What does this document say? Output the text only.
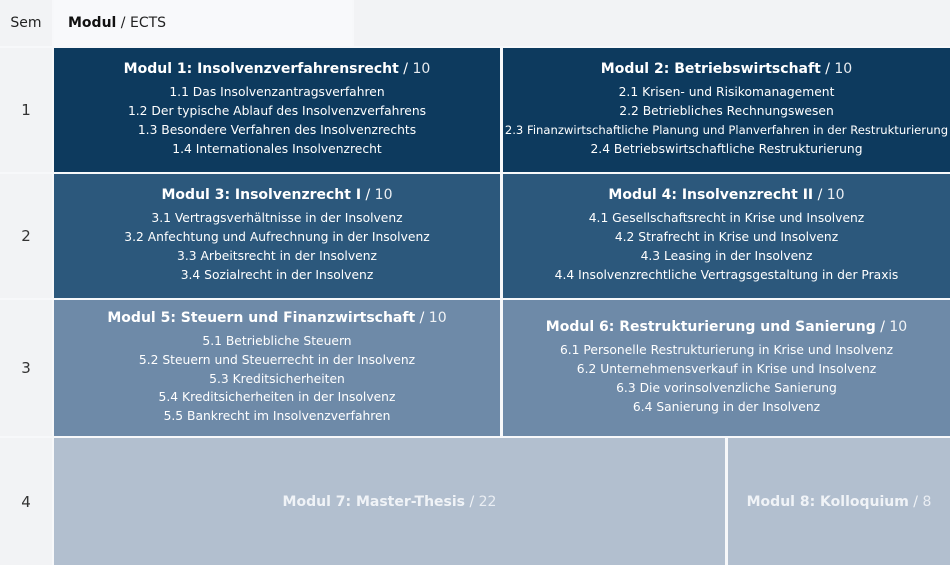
Sem Modul / ECTS
1
2
3
4
Modul 1: Insolvenzverfahrensrecht / 10
1.1 Das Insolvenzantragsverfahren
1.2 Der typische Ablauf des Insolvenzverfahrens
1.3 Besondere Verfahren des Insolvenzrechts
1.4 Internationales Insolvenzrecht
Modul 2: Betriebswirtschaft / 10
2.1 Krisen- und Risikomanagement
2.2 Betriebliches Rechnungswesen
2.3 Finanzwirtschaftliche Planung und Planverfahren in der Restrukturierung
2.4 Betriebswirtschaftliche Restrukturierung
Modul 3: Insolvenzrecht I / 10
3.1 Vertragsverhältnisse in der Insolvenz
3.2 Anfechtung und Aufrechnung in der Insolvenz
3.3 Arbeitsrecht in der Insolvenz
3.4 Sozialrecht in der Insolvenz
Modul 4: Insolvenzrecht II / 10
4.1 Gesellschaftsrecht in Krise und Insolvenz
4.2 Strafrecht in Krise und Insolvenz
4.3 Leasing in der Insolvenz
4.4 Insolvenzrechtliche Vertragsgestaltung in der Praxis
Modul 5: Steuern und Finanzwirtschaft / 10
5.1 Betriebliche Steuern
5.2 Steuern und Steuerrecht in der Insolvenz
5.3 Kreditsicherheiten
5.4 Kreditsicherheiten in der Insolvenz
5.5 Bankrecht im Insolvenzverfahren
Modul 6: Restrukturierung und Sanierung / 10
6.1 Personelle Restrukturierung in Krise und Insolvenz
6.2 Unternehmensverkauf in Krise und Insolvenz
6.3 Die vorinsolvenzliche Sanierung
6.4 Sanierung in der Insolvenz
Modul 7: Master-Thesis / 22	Modul 8: Kolloquium / 8
